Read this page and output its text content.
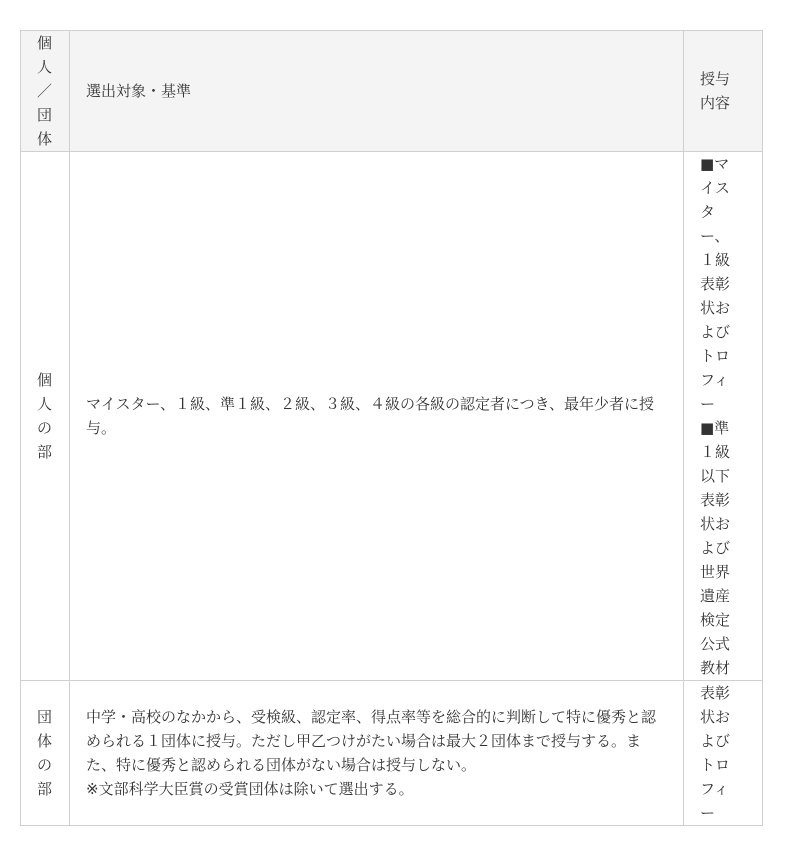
個人／団体	選出対象・基準	授与内容
個人の部	マイスター、１級、準１級、２級、３級、４級の各級の認定者につき、最年少者に授与。	■マイスター、１級表彰状およびトロフィー
■準１級以下表彰状および世界遺産検定公式教材

団体の部	中学・高校のなかから、受検級、認定率、得点率等を総合的に判断して特に優秀と認められる１団体に授与。ただし甲乙つけがたい場合は最大２団体まで授与する。また、特に優秀と認められる団体がない場合は授与しない。
※文部科学大臣賞の受賞団体は除いて選出する。	表彰状およびトロフィー
